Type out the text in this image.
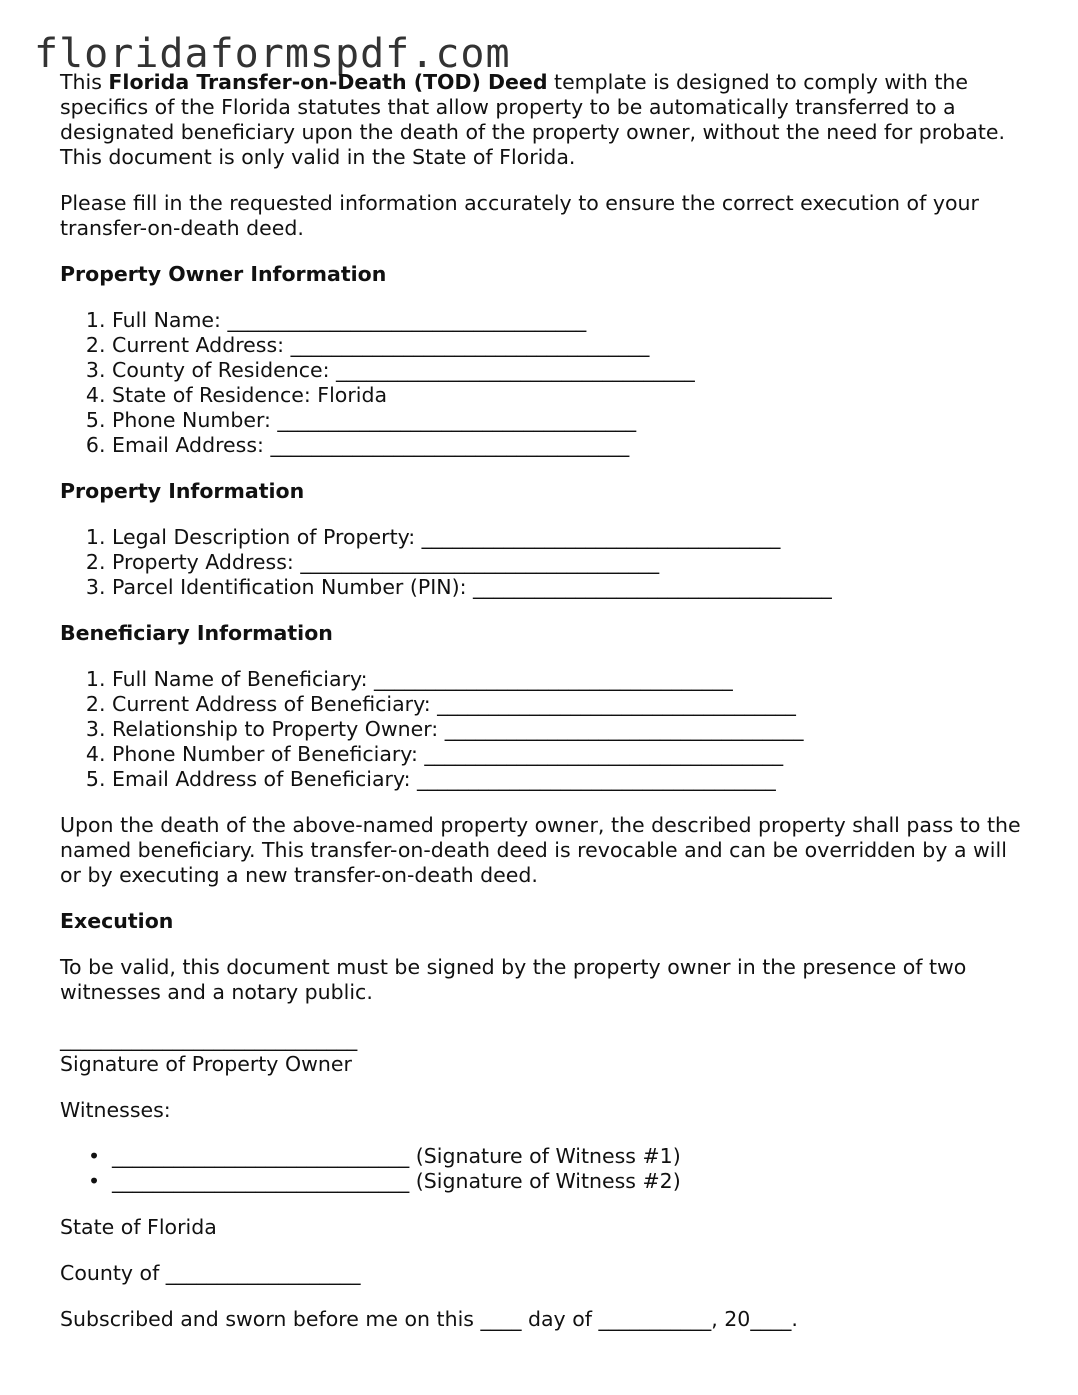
floridaformspdf.com

This Florida Transfer-on-Death (TOD) Deed template is designed to comply with the specifics of the Florida statutes that allow property to be automatically transferred to a designated beneficiary upon the death of the property owner, without the need for probate. This document is only valid in the State of Florida.

Please fill in the requested information accurately to ensure the correct execution of your transfer-on-death deed.

Property Owner Information
1. Full Name: ___________________________________
2. Current Address: ___________________________________
3. County of Residence: ___________________________________
4. State of Residence: Florida
5. Phone Number: ___________________________________
6. Email Address: ___________________________________
Property Information
1. Legal Description of Property: ___________________________________
2. Property Address: ___________________________________
3. Parcel Identification Number (PIN): ___________________________________
Beneficiary Information
1. Full Name of Beneficiary: ___________________________________
2. Current Address of Beneficiary: ___________________________________
3. Relationship to Property Owner: ___________________________________
4. Phone Number of Beneficiary: ___________________________________
5. Email Address of Beneficiary: ___________________________________

Upon the death of the above-named property owner, the described property shall pass to the named beneficiary. This transfer-on-death deed is revocable and can be overridden by a will or by executing a new transfer-on-death deed.

Execution

To be valid, this document must be signed by the property owner in the presence of two witnesses and a notary public.

_____________________________
Signature of Property Owner

Witnesses:

• _____________________________ (Signature of Witness #1)
• _____________________________ (Signature of Witness #2)

State of Florida

County of ___________________

Subscribed and sworn before me on this ____ day of ___________, 20____.
